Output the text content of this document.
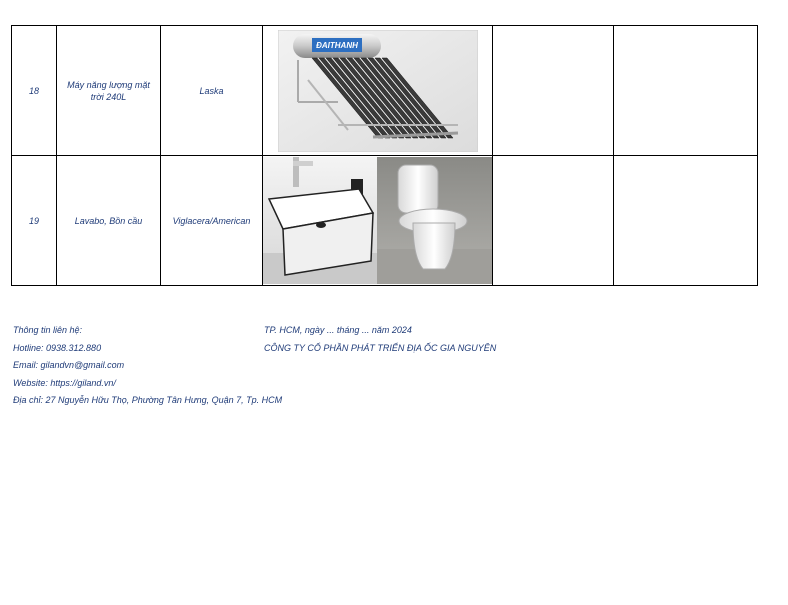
18	Máy năng lượng mặt trời 240L	Laska	ĐAITHANH		

19	Lavabo, Bồn cầu	Viglacera/American	

Thông tin liên hệ:
Hotline: 0938.312.880
Email: gilandvn@gmail.com
Website: https://giland.vn/
Địa chỉ: 27 Nguyễn Hữu Thọ, Phường Tân Hưng, Quận 7, Tp. HCM
TP. HCM, ngày ... tháng ... năm 2024
CÔNG TY CỔ PHẦN PHÁT TRIỂN ĐỊA ỐC GIA NGUYÊN
